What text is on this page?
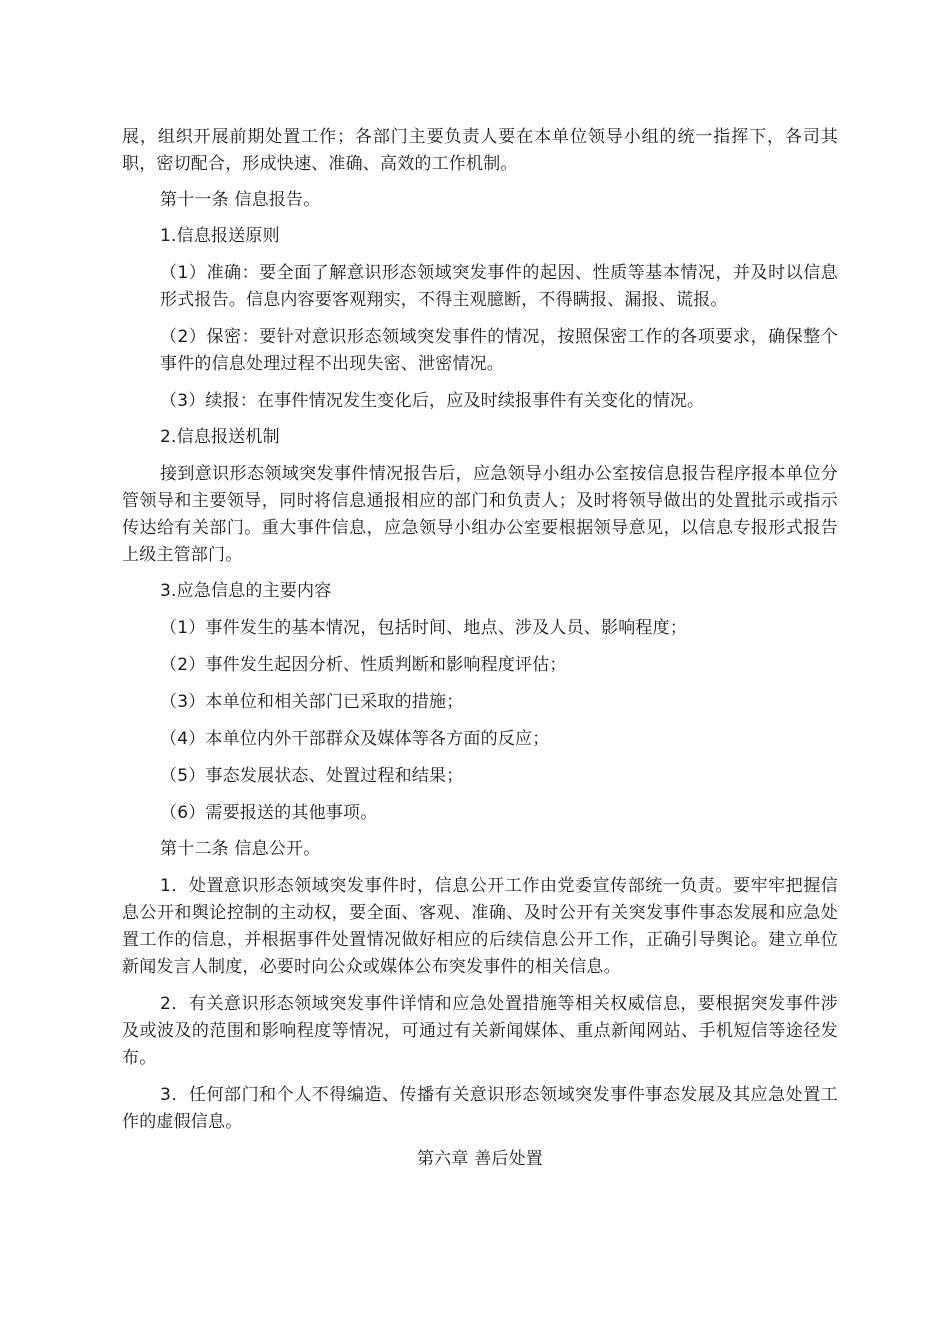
展，组织开展前期处置工作；各部门主要负责人要在本单位领导小组的统一指挥下，各司其职，密切配合，形成快速、准确、高效的工作机制。

第十一条 信息报告。

1.信息报送原则

（1）准确：要全面了解意识形态领域突发事件的起因、性质等基本情况，并及时以信息形式报告。信息内容要客观翔实，不得主观臆断，不得瞒报、漏报、谎报。

（2）保密：要针对意识形态领域突发事件的情况，按照保密工作的各项要求，确保整个事件的信息处理过程不出现失密、泄密情况。

（3）续报：在事件情况发生变化后，应及时续报事件有关变化的情况。

2.信息报送机制

接到意识形态领域突发事件情况报告后，应急领导小组办公室按信息报告程序报本单位分管领导和主要领导，同时将信息通报相应的部门和负责人；及时将领导做出的处置批示或指示传达给有关部门。重大事件信息，应急领导小组办公室要根据领导意见，以信息专报形式报告上级主管部门。

3.应急信息的主要内容

（1）事件发生的基本情况，包括时间、地点、涉及人员、影响程度；

（2）事件发生起因分析、性质判断和影响程度评估；

（3）本单位和相关部门已采取的措施；

（4）本单位内外干部群众及媒体等各方面的反应；

（5）事态发展状态、处置过程和结果；

（6）需要报送的其他事项。

第十二条 信息公开。

1．处置意识形态领域突发事件时，信息公开工作由党委宣传部统一负责。要牢牢把握信息公开和舆论控制的主动权，要全面、客观、准确、及时公开有关突发事件事态发展和应急处置工作的信息，并根据事件处置情况做好相应的后续信息公开工作，正确引导舆论。建立单位新闻发言人制度，必要时向公众或媒体公布突发事件的相关信息。

2．有关意识形态领域突发事件详情和应急处置措施等相关权威信息，要根据突发事件涉及或波及的范围和影响程度等情况，可通过有关新闻媒体、重点新闻网站、手机短信等途径发布。

3．任何部门和个人不得编造、传播有关意识形态领域突发事件事态发展及其应急处置工作的虚假信息。

第六章 善后处置
